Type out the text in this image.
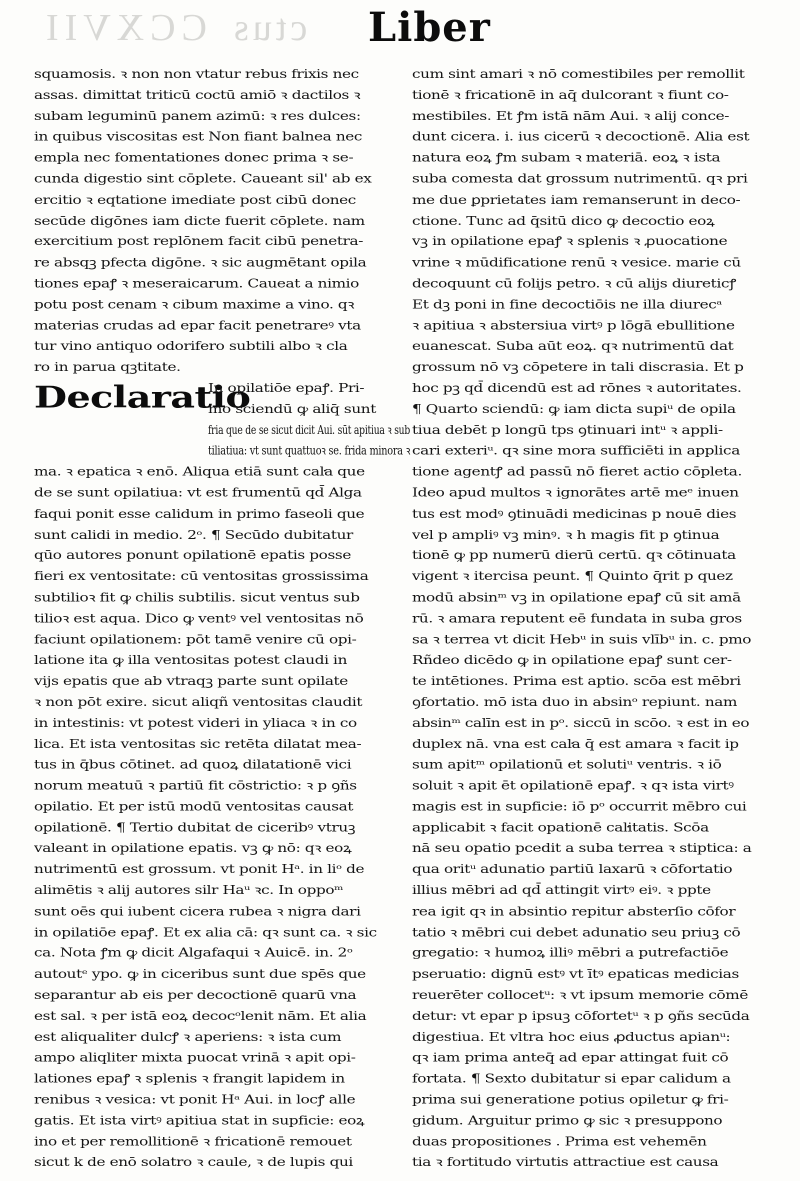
CCXVII ctus Liber
squamosis. ꝛ non non vtatur rebus frixis nec
assas. dimittat triticū coctū amiō ꝛ dactilos ꝛ
subam leguminū panem azimū: ꝛ res dulces:
in quibus viscositas est Non fiant balnea nec
empla nec fomentationes donec prima ꝛ se-
cunda digestio sint cōplete. Caueant sil' ab ex
ercitio ꝛ eqtatione imediate post cibū donec
secūde digōnes iam dicte fuerit cōplete. nam
exercitium post replōnem facit cibū penetra-
re absqꝫ pfecta digōne. ꝛ sic augmētant opila
tiones epaꝭ ꝛ meseraicarum. Caueat a nimio
potu post cenam ꝛ cibum maxime a vino. qꝛ
materias crudas ad epar facit penetrareꝰ vta
tur vino antiquo odorifero subtili albo ꝛ cla
ro in parua qꝫtitate.
Declaratio
In opilatiōe epaꝭ. Pri-
mo sciendū ꝙ aliq̄ sunt
fria que de se sicut dicit Aui. sūt apitiua ꝛ sub
tiliatiua: vt sunt quattuoꝛ se. frida minora ꝛ
ma. ꝛ epatica ꝛ enō. Aliqua etiā sunt caŀa que
de se sunt opilatiua: vt est frumentū qd̄ Alga
faqui ponit esse calidum in primo faseoli que
sunt calidi in medio. 2ᵒ. ¶ Secūdo dubitatur
qūo autores ponunt opilationē epatis posse
fieri ex ventositate: cū ventositas grossissima
subtilioꝛ fit ꝙ chilis subtilis. sicut ventus sub
tilioꝛ est aqua. Dico ꝙ ventꝰ vel ventositas nō
faciunt opilationem: pōt tamē venire cū opi-
latione ita ꝙ illa ventositas potest claudi in
vijs epatis que ab vtraqꝫ parte sunt opilate
ꝛ non pōt exire. sicut aliqñ ventositas claudit
in intestinis: vt potest videri in yliaca ꝛ in co
lica. Et ista ventositas sic retēta dilatat mea-
tus in q̄bus cōtinet. ad quoꝝ dilatationē vici
norum meatuū ꝛ partiū fit cōstrictio: ꝛ p ꝯñs
opilatio. Et per istū modū ventositas causat
opilationē. ¶ Tertio dubitat de ciceribꝰ vtruꝫ
valeant in opilatione epatis. vꝫ ꝙ nō: qꝛ eoꝝ
nutrimentū est grossum. vt ponit Hᵃ. in liᵒ de
alimētis ꝛ alij autores silr Haᵘ ꝛc. In oppoᵐ
sunt oēs qui iubent cicera rubea ꝛ nigra dari
in opilatiōe epaꝭ. Et ex alia cā: qꝛ sunt ca. ꝛ sic
ca. Nota ꝭm ꝙ dicit Algafaqui ꝛ Auicē. in. 2ᵒ
autoutᵉ ypo. ꝙ in ciceribus sunt due spēs que
separantur ab eis per decoctionē quarū vna
est sal. ꝛ per istā eoꝝ decocᵒlenit nām. Et alia
est aliqualiter dulcꝭ ꝛ aperiens: ꝛ ista cum
ampo aliqliter mixta puocat vrinā ꝛ apit opi-
lationes epaꝭ ꝛ splenis ꝛ frangit lapidem in
renibus ꝛ vesica: vt ponit Hᵃ Aui. in locꝭ alle
gatis. Et ista virtꝰ apitiua stat in supficie: eoꝝ
ino et per remollitionē ꝛ fricationē remouet
sicut k de enō solatro ꝛ caule, ꝛ de lupis qui
cum sint amari ꝛ nō comestibiles per remollit
tionē ꝛ fricationē in aq̄ dulcorant ꝛ fiunt co-
mestibiles. Et ꝭm istā nām Aui. ꝛ alij conce-
dunt cicera. i. ius cicerū ꝛ decoctionē. Alia est
natura eoꝝ ꝭm subam ꝛ materiā. eoꝝ ꝛ ista
suba comesta dat grossum nutrimentū. qꝛ pri
me due ꝑprietates iam remanserunt in deco-
ctione. Tunc ad q̄sitū dico ꝙ decoctio eoꝝ
vꝫ in opilatione epaꝭ ꝛ splenis ꝛ ꝓuocatione
vrine ꝛ mūdificatione renū ꝛ vesice. marie cū
decoquunt cū folijs petro. ꝛ cū alijs diureticꝭ
Et dꝫ poni in fine decoctiōis ne illa diurecᵃ
ꝛ apitiua ꝛ abstersiua virtꝰ p lōgā ebullitione
euanescat. Suba aūt eoꝝ. qꝛ nutrimentū dat
grossum nō vꝫ cōpetere in tali discrasia. Et p
hoc pꝫ qd̄ dicendū est ad rōnes ꝛ autoritates.
¶ Quarto sciendū: ꝙ iam dicta supiᵘ de opila
tiua debēt p longū tps ꝯtinuari intᵘ ꝛ appli-
cari exteriᵘ. qꝛ sine mora sufficiēti in applica
tione agentꝭ ad passū nō fieret actio cōpleta.
Ideo apud multos ꝛ ignorātes artē meᵉ inuen
tus est modꝰ ꝯtinuādi medicinas p nouē dies
vel p ampliꝰ vꝫ minꝰ. ꝛ h magis fit p ꝯtinua
tionē ꝙ pp numerū dierū certū. qꝛ cōtinuata
vigent ꝛ itercisa peunt. ¶ Quinto q̄rit p quez
modū absinᵐ vꝫ in opilatione epaꝭ cū sit amā
rū. ꝛ amara reputent eē fundata in suba gros
sa ꝛ terrea vt dicit Hebᵘ in suis vlībᵘ in. c. pmo
Rñdeo dicēdo ꝙ in opilatione epaꝭ sunt cer-
te intētiones. Prima est aptio. scōa est mēbri
ꝯfortatio. mō ista duo in absinᵒ repiunt. nam
absinᵐ calīn est in pᵒ. siccū in scōo. ꝛ est in eo
duplex nā. vna est caŀa q̄ est amara ꝛ facit ip
sum apitᵐ opilationū et solutiᵘ ventris. ꝛ iō
soluit ꝛ apit ēt opilationē epaꝭ. ꝛ qꝛ ista virtꝰ
magis est in supficie: iō pᵒ occurrit mēbro cui
applicabit ꝛ facit opationē caŀitatis. Scōa
nā seu opatio pcedit a suba terrea ꝛ stiptica: a
qua oritᵘ adunatio partiū laxarū ꝛ cōfortatio
illius mēbri ad qd̄ attingit virtꝰ eiꝰ. ꝛ ppte
rea igit qꝛ in absintio repitur absterſio cōfor
tatio ꝛ mēbri cui debet adunatio seu priuꝫ cō
gregatio: ꝛ humoꝝ illiꝰ mēbri a putrefactiōe
pseruatio: dignū estꝰ vt ītꝰ epaticas medicias
reuerēter collocetᵘ: ꝛ vt ipsum memorie cōmē
detur: vt epar p ipsuꝫ cōfortetᵘ ꝛ p ꝯñs secūda
digestiua. Et vltra hoc eius ꝓductus apianᵘ:
qꝛ iam prima anteq̄ ad epar attingat fuit cō
fortata. ¶ Sexto dubitatur si epar calidum a
prima sui generatione potius opiletur ꝙ fri-
gidum. Arguitur primo ꝙ sic ꝛ presuppono
duas propositiones . Prima est vehemēn
tia ꝛ fortitudo virtutis attractiue est causa
